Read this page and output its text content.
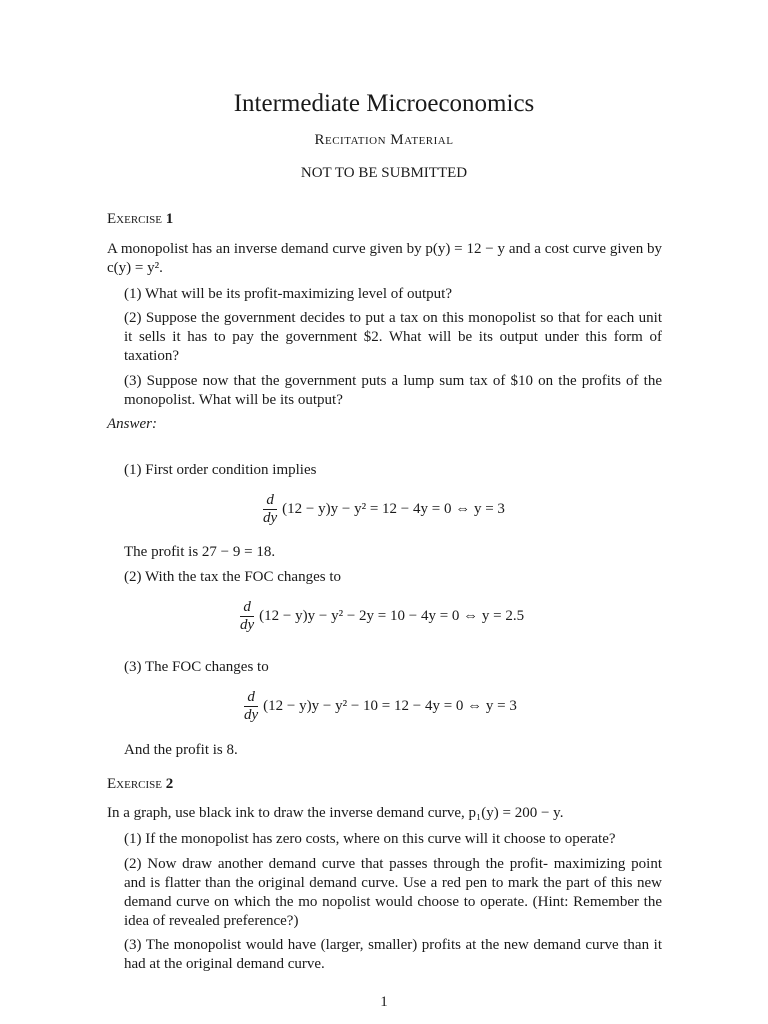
Intermediate Microeconomics

Recitation Material

NOT TO BE SUBMITTED

Exercise 1

A monopolist has an inverse demand curve given by p(y) = 12 − y and a cost curve given by c(y) = y².

(1) What will be its profit-maximizing level of output?

(2) Suppose the government decides to put a tax on this monopolist so that for each unit it sells it has to pay the government $2. What will be its output under this form of taxation?

(3) Suppose now that the government puts a lump sum tax of $10 on the profits of the monopolist. What will be its output?

Answer:

(1) First order condition implies

$\frac{d}{dy} (12 - y)y - y^2 = 12 - 4y = 0$ ⇔ y = 3

The profit is 27 − 9 = 18.

(2) With the tax the FOC changes to

$\frac{d}{dy} (12 - y)y - y^2 - 2y = 10 - 4y = 0$ ⇔ y = 2.5

(3) The FOC changes to

$\frac{d}{dy} (12 - y)y - y^2 - 10 = 12 - 4y = 0$ ⇔ y = 3

And the profit is 8.

Exercise 2

In a graph, use black ink to draw the inverse demand curve, p₁(y) = 200 − y.

(1) If the monopolist has zero costs, where on this curve will it choose to operate?

(2) Now draw another demand curve that passes through the profit- maximizing point and is flatter than the original demand curve. Use a red pen to mark the part of this new demand curve on which the mo nopolist would choose to operate. (Hint: Remember the idea of revealed preference?)

(3) The monopolist would have (larger, smaller) profits at the new demand curve than it had at the original demand curve.

1
